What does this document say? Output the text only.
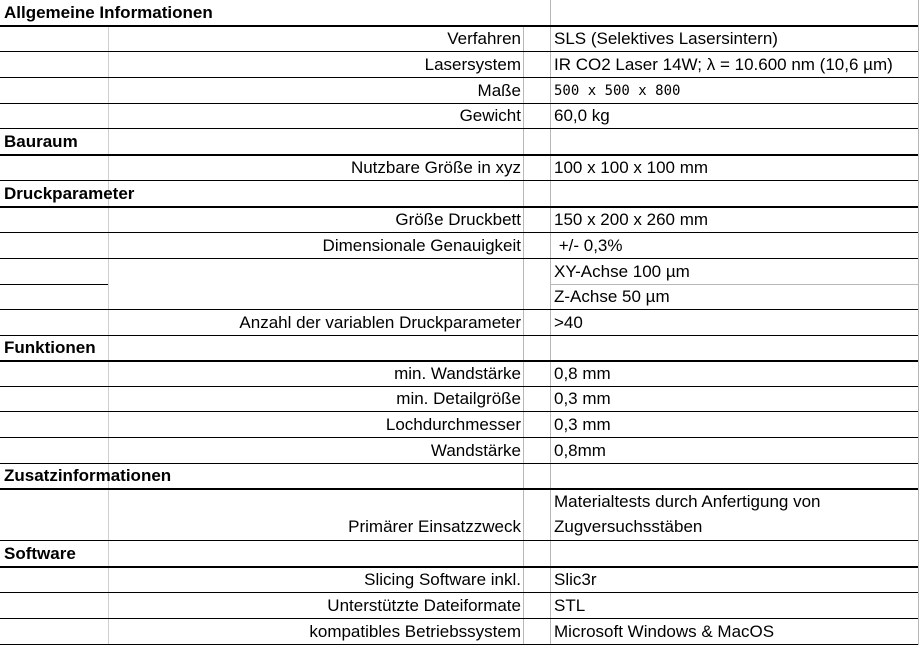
Allgemeine Informationen
Verfahren SLS (Selektives Lasersintern)
Lasersystem IR CO2 Laser 14W; λ = 10.600 nm (10,6 µm)
Maße 500 x 500 x 800
Gewicht 60,0 kg
Bauraum
Nutzbare Größe in xyz 100 x 100 x 100 mm
Druckparameter
Größe Druckbett 150 x 200 x 260 mm
Dimensionale Genauigkeit +/- 0,3%
XY-Achse 100 µm
Z-Achse 50 µm
Anzahl der variablen Druckparameter >40
Funktionen
min. Wandstärke 0,8 mm
min. Detailgröße 0,3 mm
Lochdurchmesser 0,3 mm
Wandstärke 0,8mm
Zusatzinformationen
Materialtests durch Anfertigung von
Primärer Einsatzzweck Zugversuchsstäben
Software
Slicing Software inkl. Slic3r
Unterstützte Dateiformate STL
kompatibles Betriebssystem Microsoft Windows & MacOS
